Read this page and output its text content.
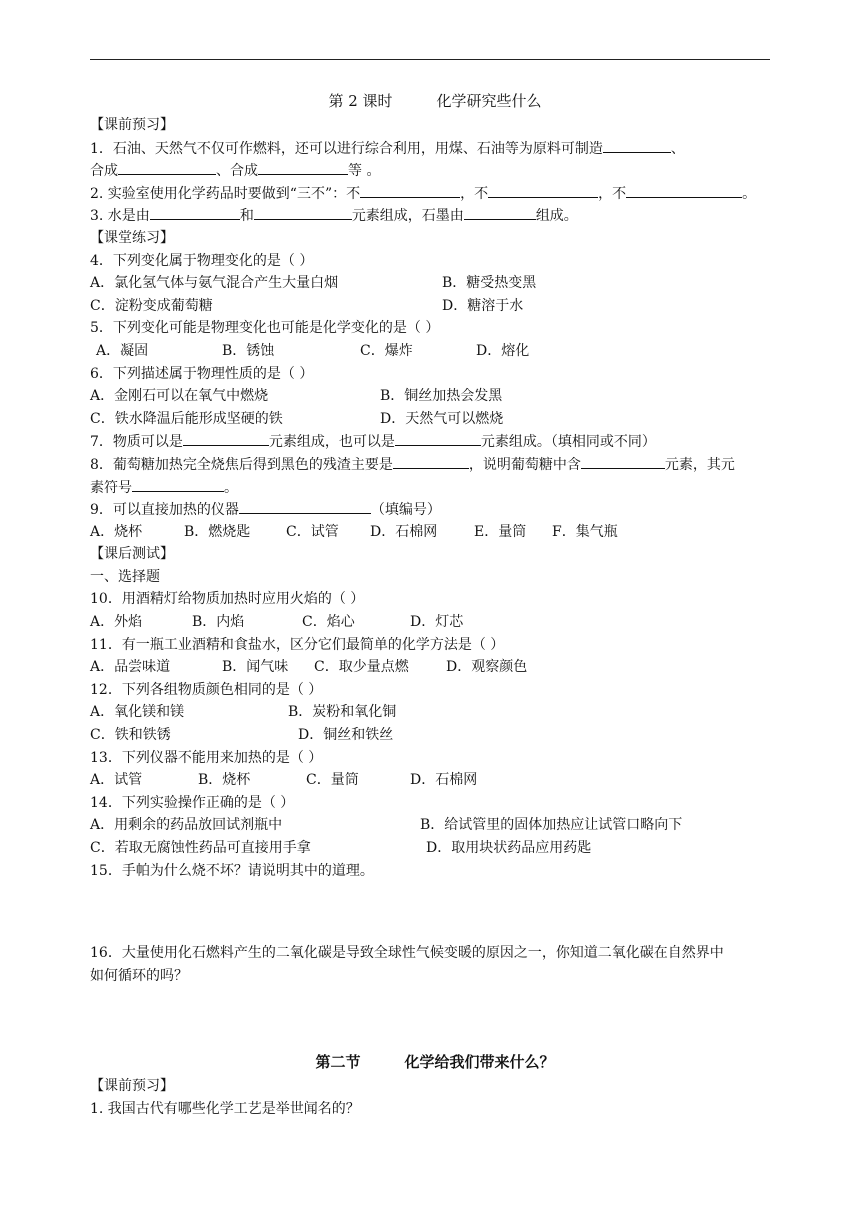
第 2 课时	化学研究些什么
【课前预习】
1．石油、天然气不仅可作燃料，还可以进行综合利用，用煤、石油等为原料可制造	、
合成	、合成	等 。
2. 实验室使用化学药品时要做到“三不”：不	，不	，不	。
3. 水是由	和	元素组成，石墨由	组成。
【课堂练习】
4．下列变化属于物理变化的是（ ）
A．氯化氢气体与氨气混合产生大量白烟	B．糖受热变黑
C．淀粉变成葡萄糖	D．糖溶于水
5．下列变化可能是物理变化也可能是化学变化的是（ ）
A．凝固	B．锈蚀	C．爆炸	D．熔化
6．下列描述属于物理性质的是（ ）
A．金刚石可以在氧气中燃烧	B．铜丝加热会发黑
C．铁水降温后能形成坚硬的铁	D．天然气可以燃烧
7．物质可以是	元素组成，也可以是	元素组成。（填相同或不同）
8．葡萄糖加热完全烧焦后得到黑色的残渣主要是	，说明葡萄糖中含	元素，其元
素符号	。
9．可以直接加热的仪器	（填编号）
A．烧杯	B．燃烧匙	C．试管 D．石棉网	E．量筒 F．集气瓶
【课后测试】
一、选择题
10．用酒精灯给物质加热时应用火焰的（ ）
A．外焰	B．内焰	C．焰心	D．灯芯
11．有一瓶工业酒精和食盐水，区分它们最简单的化学方法是（ ）
A．品尝味道	B．闻气味 C．取少量点燃	D．观察颜色
12．下列各组物质颜色相同的是（ ）
A．氧化镁和镁	B．炭粉和氧化铜
C．铁和铁锈	D．铜丝和铁丝
13．下列仪器不能用来加热的是（ ）
A．试管	B．烧杯	C．量筒	D．石棉网
14．下列实验操作正确的是（ ）
A．用剩余的药品放回试剂瓶中	B．给试管里的固体加热应让试管口略向下
C．若取无腐蚀性药品可直接用手拿	D．取用块状药品应用药匙
15．手帕为什么烧不坏？请说明其中的道理。
16．大量使用化石燃料产生的二氧化碳是导致全球性气候变暖的原因之一，你知道二氧化碳在自然界中
如何循环的吗？
第二节	化学给我们带来什么？
【课前预习】
1. 我国古代有哪些化学工艺是举世闻名的？
